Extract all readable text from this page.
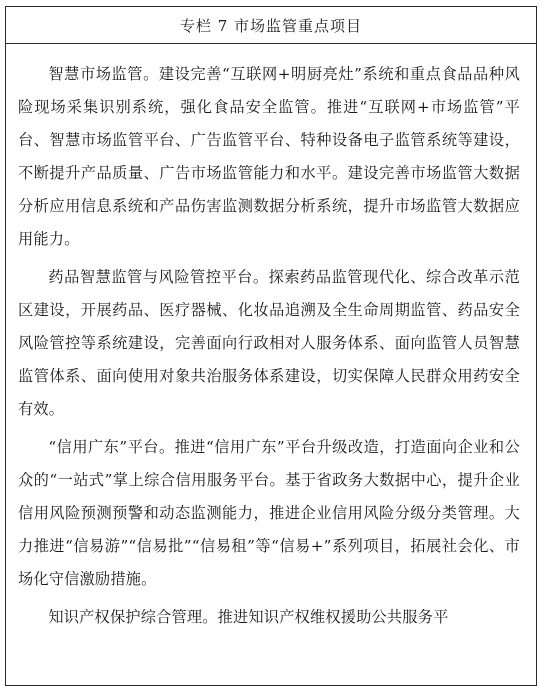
专栏 7 市场监管重点项目

智慧市场监管。建设完善“互联网+明厨亮灶”系统和重点食品品种风险现场采集识别系统，强化食品安全监管。推进“互联网+市场监管”平台、智慧市场监管平台、广告监管平台、特种设备电子监管系统等建设，不断提升产品质量、广告市场监管能力和水平。建设完善市场监管大数据分析应用信息系统和产品伤害监测数据分析系统，提升市场监管大数据应用能力。

药品智慧监管与风险管控平台。探索药品监管现代化、综合改革示范区建设，开展药品、医疗器械、化妆品追溯及全生命周期监管、药品安全风险管控等系统建设，完善面向行政相对人服务体系、面向监管人员智慧监管体系、面向使用对象共治服务体系建设，切实保障人民群众用药安全有效。

“信用广东”平台。推进“信用广东”平台升级改造，打造面向企业和公众的“一站式”掌上综合信用服务平台。基于省政务大数据中心，提升企业信用风险预测预警和动态监测能力，推进企业信用风险分级分类管理。大力推进“信易游”“信易批”“信易租”等“信易+”系列项目，拓展社会化、市场化守信激励措施。

知识产权保护综合管理。推进知识产权维权援助公共服务平
